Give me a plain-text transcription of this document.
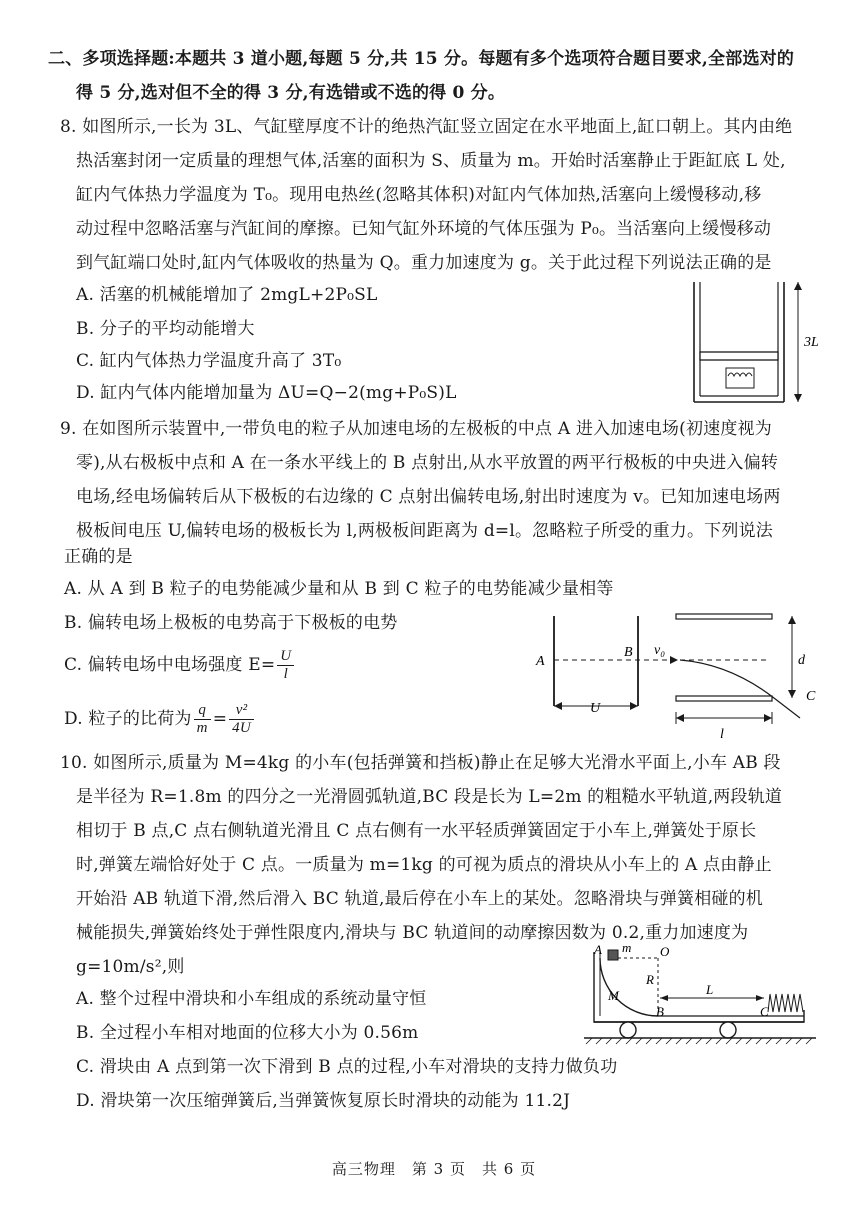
二、多项选择题:本题共 3 道小题,每题 5 分,共 15 分。每题有多个选项符合题目要求,全部选对的
得 5 分,选对但不全的得 3 分,有选错或不选的得 0 分。
8. 如图所示,一长为 3L、气缸壁厚度不计的绝热汽缸竖立固定在水平地面上,缸口朝上。其内由绝
热活塞封闭一定质量的理想气体,活塞的面积为 S、质量为 m。开始时活塞静止于距缸底 L 处,
缸内气体热力学温度为 T₀。现用电热丝(忽略其体积)对缸内气体加热,活塞向上缓慢移动,移
动过程中忽略活塞与汽缸间的摩擦。已知气缸外环境的气体压强为 P₀。当活塞向上缓慢移动
到气缸端口处时,缸内气体吸收的热量为 Q。重力加速度为 g。关于此过程下列说法正确的是
A. 活塞的机械能增加了 2mgL+2P₀SL
B. 分子的平均动能增大
C. 缸内气体热力学温度升高了 3T₀
D. 缸内气体内能增加量为 ΔU=Q−2(mg+P₀S)L
3L
9. 在如图所示装置中,一带负电的粒子从加速电场的左极板的中点 A 进入加速电场(初速度视为
零),从右极板中点和 A 在一条水平线上的 B 点射出,从水平放置的两平行极板的中央进入偏转
电场,经电场偏转后从下极板的右边缘的 C 点射出偏转电场,射出时速度为 v。已知加速电场两
极板间电压 U,偏转电场的极板长为 l,两极板间距离为 d=l。忽略粒子所受的重力。下列说法
正确的是
A. 从 A 到 B 粒子的电势能减少量和从 B 到 C 粒子的电势能减少量相等
B. 偏转电场上极板的电势高于下极板的电势
C. 偏转电场中电场强度 $E= \frac{U}{l}$
D. 粒子的比荷为 $\frac{q}{m} = \frac{\text{v²}}{4U}$
A
B v₀
d
C
U
l
10. 如图所示,质量为 M=4kg 的小车(包括弹簧和挡板)静止在足够大光滑水平面上,小车 AB 段
是半径为 R=1.8m 的四分之一光滑圆弧轨道,BC 段是长为 L=2m 的粗糙水平轨道,两段轨道
相切于 B 点,C 点右侧轨道光滑且 C 点右侧有一水平轻质弹簧固定于小车上,弹簧处于原长
时,弹簧左端恰好处于 C 点。一质量为 m=1kg 的可视为质点的滑块从小车上的 A 点由静止
开始沿 AB 轨道下滑,然后滑入 BC 轨道,最后停在小车上的某处。忽略滑块与弹簧相碰的机
械能损失,弹簧始终处于弹性限度内,滑块与 BC 轨道间的动摩擦因数为 0.2,重力加速度为
g=10m/s²,则
A. 整个过程中滑块和小车组成的系统动量守恒
B. 全过程小车相对地面的位移大小为 0.56m
C. 滑块由 A 点到第一次下滑到 B 点的过程,小车对滑块的支持力做负功
D. 滑块第一次压缩弹簧后,当弹簧恢复原长时滑块的动能为 11.2J
A m O
R
M
B
L
C
高三物理　第 3 页　共 6 页
